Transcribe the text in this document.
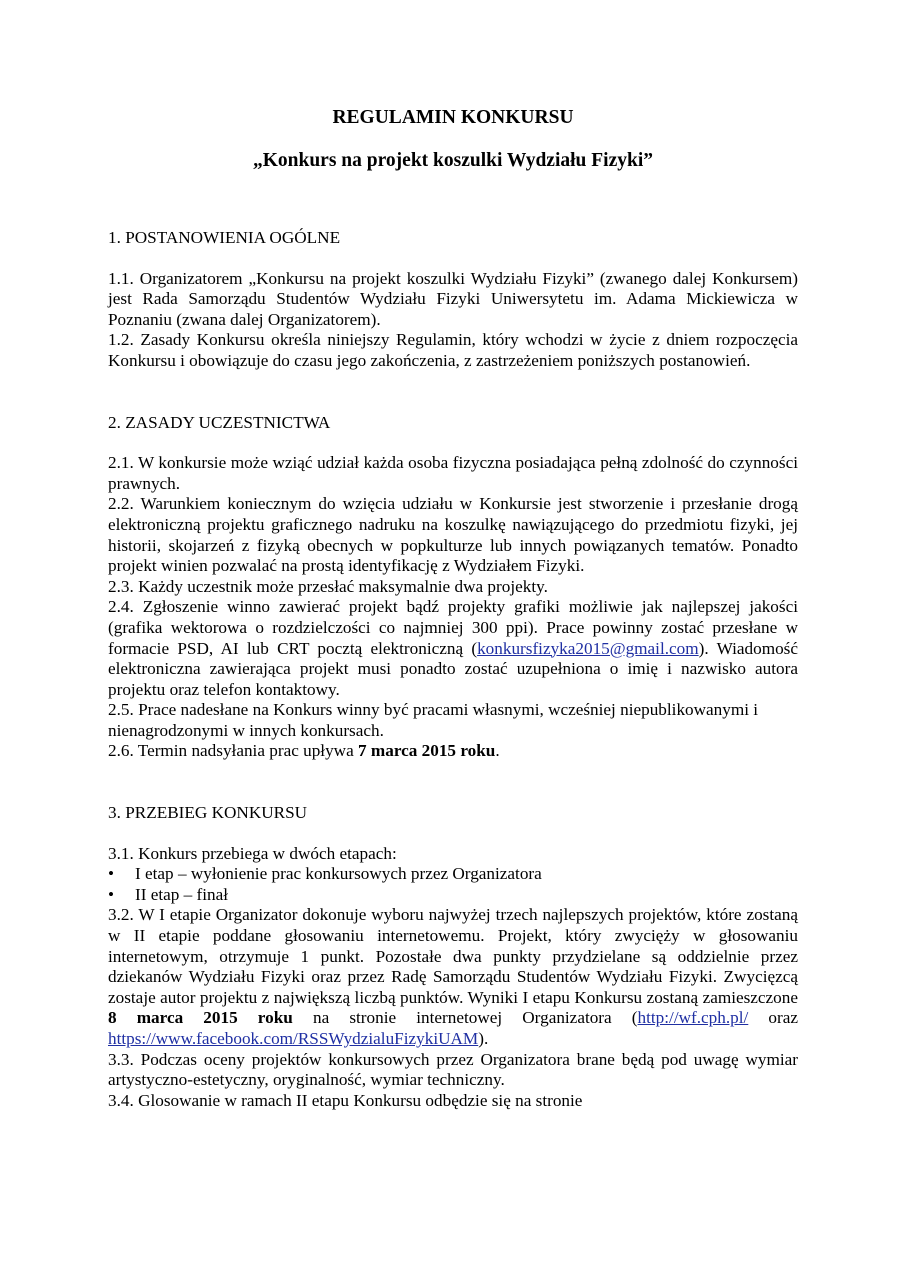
REGULAMIN KONKURSU
„Konkurs na projekt koszulki Wydziału Fizyki”

1. POSTANOWIENIA OGÓLNE

1.1. Organizatorem „Konkursu na projekt koszulki Wydziału Fizyki” (zwanego dalej Konkursem) jest Rada Samorządu Studentów Wydziału Fizyki Uniwersytetu im. Adama Mickiewicza w Poznaniu (zwana dalej Organizatorem).

1.2. Zasady Konkursu określa niniejszy Regulamin, który wchodzi w życie z dniem rozpoczęcia Konkursu i obowiązuje do czasu jego zakończenia, z zastrzeżeniem poniższych postanowień.

2. ZASADY UCZESTNICTWA

2.1. W konkursie może wziąć udział każda osoba fizyczna posiadająca pełną zdolność do czynności prawnych.

2.2. Warunkiem koniecznym do wzięcia udziału w Konkursie jest stworzenie i przesłanie drogą elektroniczną projektu graficznego nadruku na koszulkę nawiązującego do przedmiotu fizyki, jej historii, skojarzeń z fizyką obecnych w popkulturze lub innych powiązanych tematów. Ponadto projekt winien pozwalać na prostą identyfikację z Wydziałem Fizyki.

2.3. Każdy uczestnik może przesłać maksymalnie dwa projekty.

2.4. Zgłoszenie winno zawierać projekt bądź projekty grafiki możliwie jak najlepszej jakości (grafika wektorowa o rozdzielczości co najmniej 300 ppi). Prace powinny zostać przesłane w formacie PSD, AI lub CRT pocztą elektroniczną (konkursfizyka2015@gmail.com). Wiadomość elektroniczna zawierająca projekt musi ponadto zostać uzupełniona o imię i nazwisko autora projektu oraz telefon kontaktowy.

2.5. Prace nadesłane na Konkurs winny być pracami własnymi, wcześniej niepublikowanymi i nienagrodzonymi w innych konkursach.

2.6. Termin nadsyłania prac upływa 7 marca 2015 roku.

3. PRZEBIEG KONKURSU

3.1. Konkurs przebiega w dwóch etapach:

• I etap – wyłonienie prac konkursowych przez Organizatora

• II etap – finał

3.2. W I etapie Organizator dokonuje wyboru najwyżej trzech najlepszych projektów, które zostaną w II etapie poddane głosowaniu internetowemu. Projekt, który zwycięży w głosowaniu internetowym, otrzymuje 1 punkt. Pozostałe dwa punkty przydzielane są oddzielnie przez dziekanów Wydziału Fizyki oraz przez Radę Samorządu Studentów Wydziału Fizyki. Zwycięzcą zostaje autor projektu z największą liczbą punktów. Wyniki I etapu Konkursu zostaną zamieszczone 8 marca 2015 roku na stronie internetowej Organizatora (http://wf.cph.pl/ oraz https://www.facebook.com/RSSWydzialuFizykiUAM).

3.3. Podczas oceny projektów konkursowych przez Organizatora brane będą pod uwagę wymiar artystyczno-estetyczny, oryginalność, wymiar techniczny.

3.4. Glosowanie w ramach II etapu Konkursu odbędzie się na stronie
